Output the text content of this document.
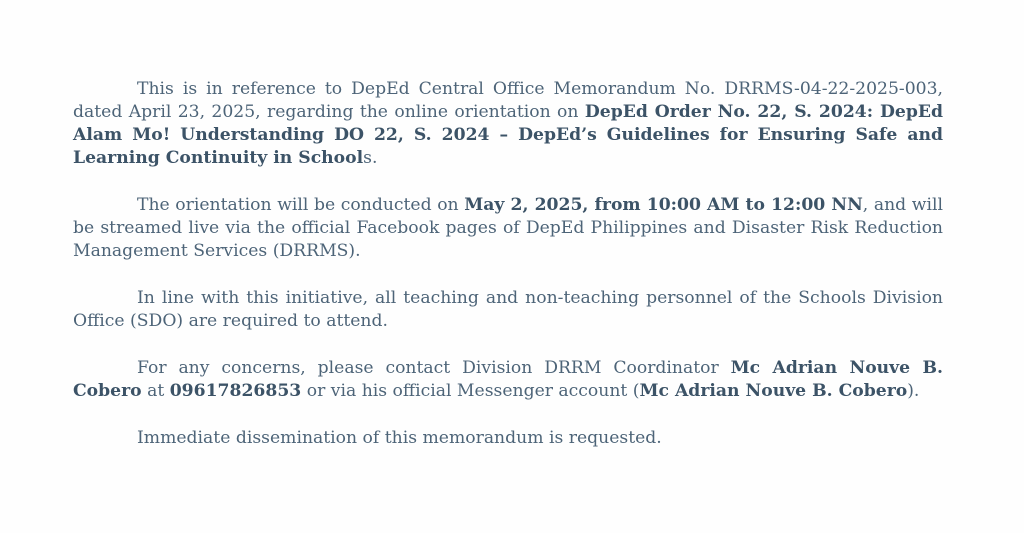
This is in reference to DepEd Central Office Memorandum No. DRRMS-04-22-2025-003, dated April 23, 2025, regarding the online orientation on DepEd Order No. 22, S. 2024: DepEd Alam Mo! Understanding DO 22, S. 2024 – DepEd’s Guidelines for Ensuring Safe and Learning Continuity in Schools.

The orientation will be conducted on May 2, 2025, from 10:00 AM to 12:00 NN, and will be streamed live via the official Facebook pages of DepEd Philippines and Disaster Risk Reduction Management Services (DRRMS).

In line with this initiative, all teaching and non-teaching personnel of the Schools Division Office (SDO) are required to attend.

For any concerns, please contact Division DRRM Coordinator Mc Adrian Nouve B. Cobero at 09617826853 or via his official Messenger account (Mc Adrian Nouve B. Cobero).

Immediate dissemination of this memorandum is requested.
